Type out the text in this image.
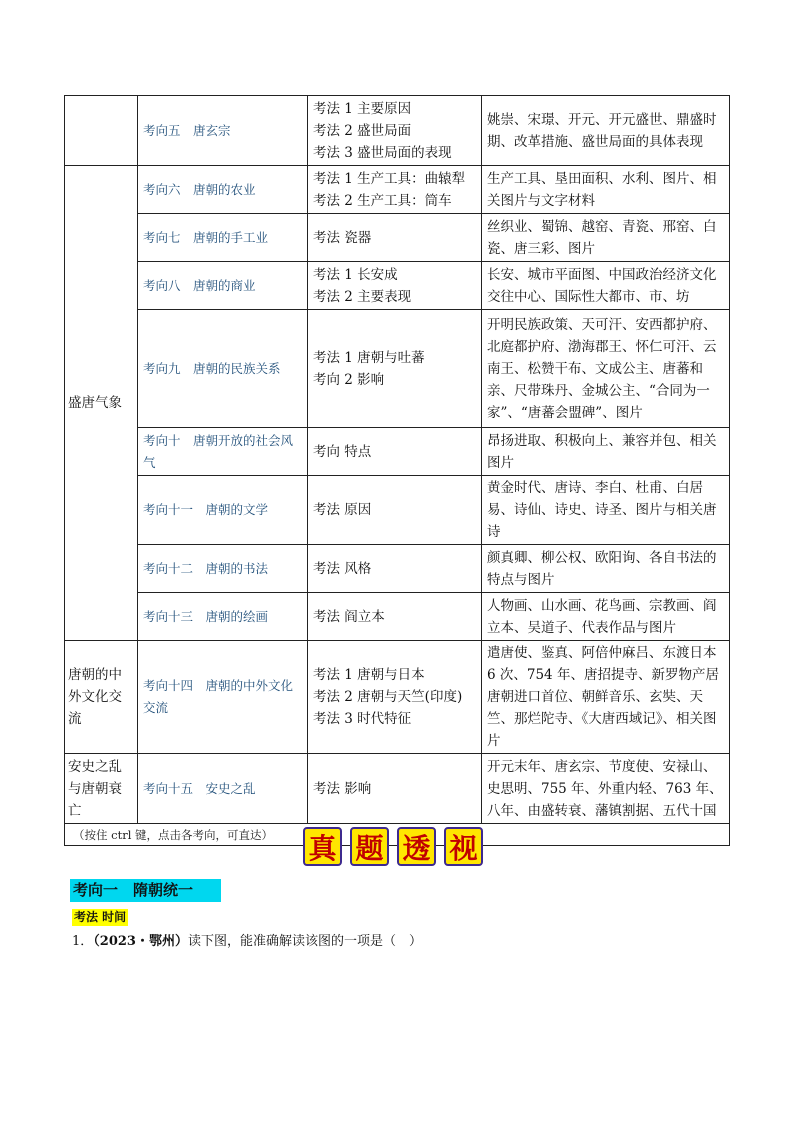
	考向五　唐玄宗	考法 1 主要原因
考法 2 盛世局面
考法 3 盛世局面的表现	姚崇、宋璟、开元、开元盛世、鼎盛时期、改革措施、盛世局面的具体表现
盛唐气象	考向六　唐朝的农业	考法 1 生产工具：曲辕犁
考法 2 生产工具：筒车	生产工具、垦田面积、水利、图片、相关图片与文字材料
	考向七　唐朝的手工业	考法 瓷器	丝织业、蜀锦、越窑、青瓷、邢窑、白瓷、唐三彩、图片
	考向八　唐朝的商业	考法 1 长安成
考法 2 主要表现	长安、城市平面图、中国政治经济文化交往中心、国际性大都市、市、坊
	考向九　唐朝的民族关系	考法 1 唐朝与吐蕃
考向 2 影响	开明民族政策、天可汗、安西都护府、北庭都护府、渤海郡王、怀仁可汗、云南王、松赞干布、文成公主、唐蕃和亲、尺带珠丹、金城公主、“合同为一家”、“唐蕃会盟碑”、图片
	考向十　唐朝开放的社会风气	考向 特点	昂扬进取、积极向上、兼容并包、相关图片
	考向十一　唐朝的文学	考法 原因	黄金时代、唐诗、李白、杜甫、白居易、诗仙、诗史、诗圣、图片与相关唐诗
	考向十二　唐朝的书法	考法 风格	颜真卿、柳公权、欧阳询、各自书法的特点与图片
	考向十三　唐朝的绘画	考法 阎立本	人物画、山水画、花鸟画、宗教画、阎立本、吴道子、代表作品与图片
唐朝的中外文化交流	考向十四　唐朝的中外文化交流	考法 1 唐朝与日本
考法 2 唐朝与天竺(印度)
考法 3 时代特征	遣唐使、鉴真、阿倍仲麻吕、东渡日本 6 次、754 年、唐招提寺、新罗物产居唐朝进口首位、朝鲜音乐、玄奘、天竺、那烂陀寺、《大唐西域记》、相关图片
安史之乱与唐朝衰亡	考向十五　安史之乱	考法 影响	开元末年、唐玄宗、节度使、安禄山、史思明、755 年、外重内轻、763 年、八年、由盛转衰、藩镇割据、五代十国
（按住 ctrl 键，点击各考向，可直达）			真 题 透 视
考向一　隋朝统一
考法 时间
1．（2023・鄂州）读下图，能准确解读该图的一项是（　）
